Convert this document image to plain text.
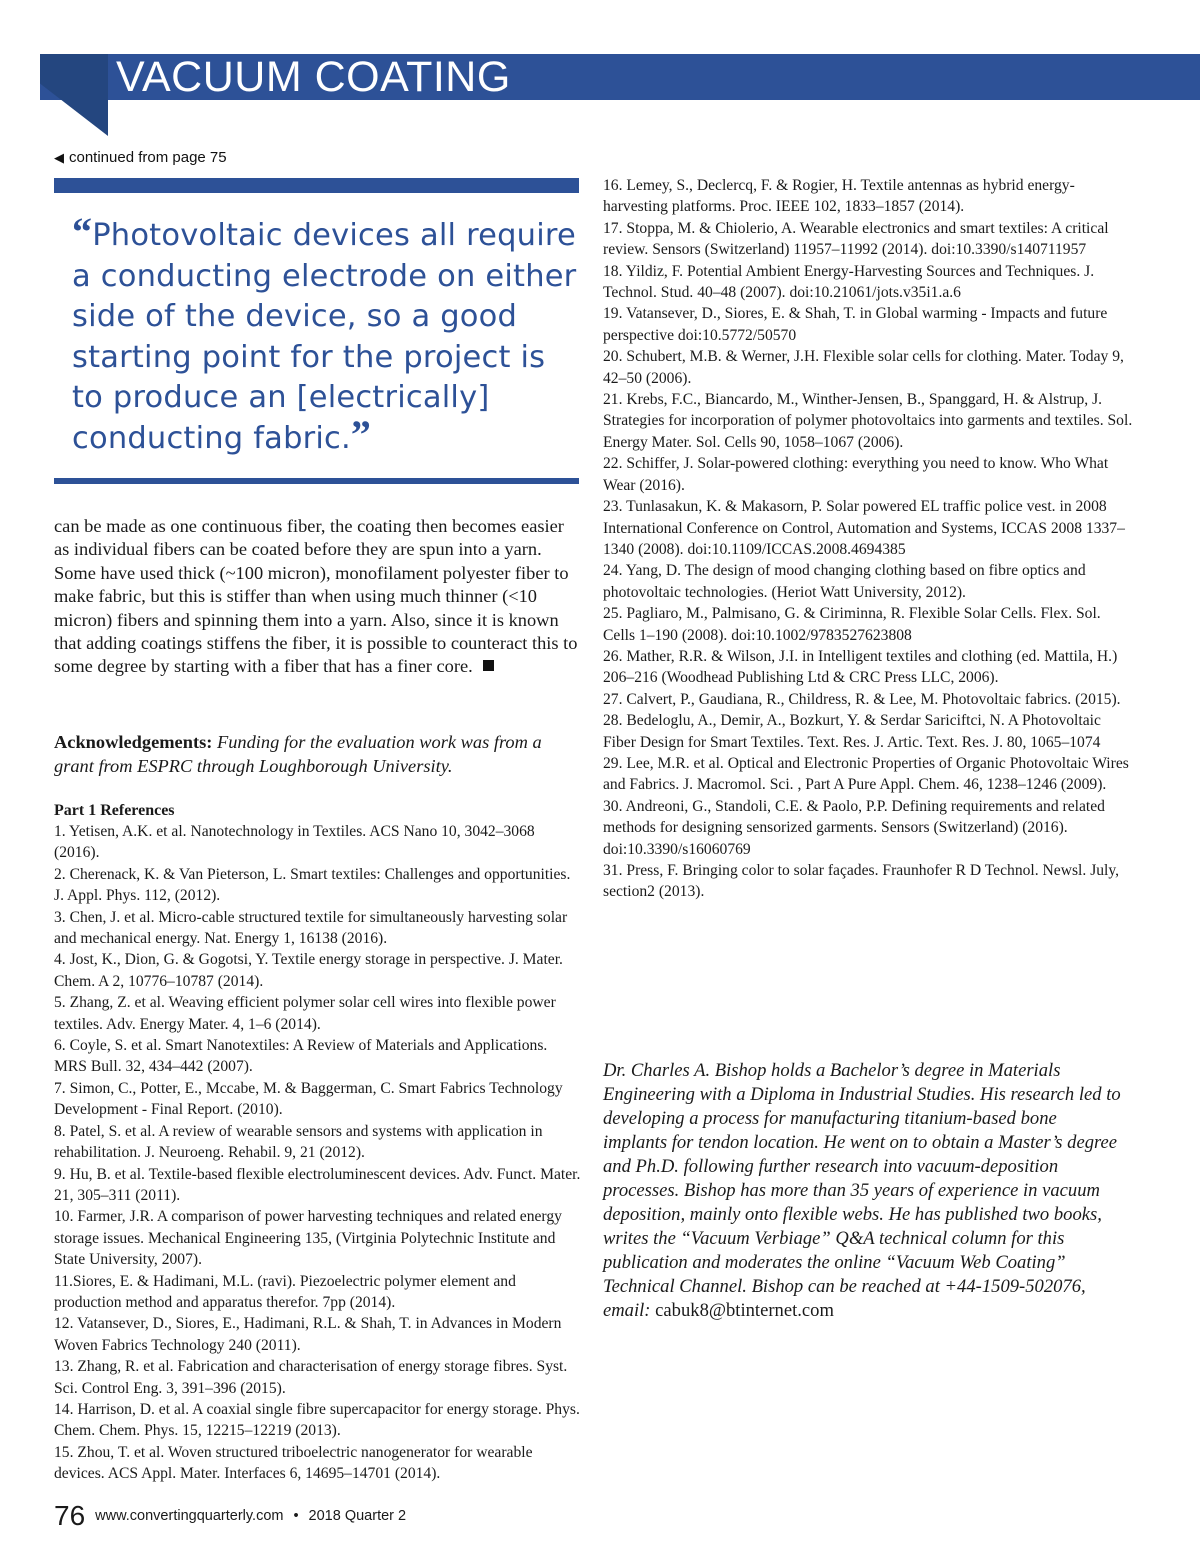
VACUUM COATING
◀ continued from page 75
“Photovoltaic devices all require a conducting electrode on either side of the device, so a good starting point for the project is to produce an [electrically] conducting fabric.”

can be made as one continuous fiber, the coating then becomes easier as individual fibers can be coated before they are spun into a yarn. Some have used thick (~100 micron), monofilament polyester fiber to make fabric, but this is stiffer than when using much thinner (<10 micron) fibers and spinning them into a yarn. Also, since it is known that adding coatings stiffens the fiber, it is possible to counteract this to some degree by starting with a fiber that has a finer core.

Acknowledgements: Funding for the evaluation work was from a grant from ESPRC through Loughborough University.

Part 1 References
1. Yetisen, A.K. et al. Nanotechnology in Textiles. ACS Nano 10, 3042–3068 (2016).
2. Cherenack, K. & Van Pieterson, L. Smart textiles: Challenges and opportunities. J. Appl. Phys. 112, (2012).
3. Chen, J. et al. Micro-cable structured textile for simultaneously harvesting solar and mechanical energy. Nat. Energy 1, 16138 (2016).
4. Jost, K., Dion, G. & Gogotsi, Y. Textile energy storage in perspective. J. Mater. Chem. A 2, 10776–10787 (2014).
5. Zhang, Z. et al. Weaving efficient polymer solar cell wires into flexible power textiles. Adv. Energy Mater. 4, 1–6 (2014).
6. Coyle, S. et al. Smart Nanotextiles: A Review of Materials and Applications. MRS Bull. 32, 434–442 (2007).
7. Simon, C., Potter, E., Mccabe, M. & Baggerman, C. Smart Fabrics Technology Development - Final Report. (2010).
8. Patel, S. et al. A review of wearable sensors and systems with application in rehabilitation. J. Neuroeng. Rehabil. 9, 21 (2012).
9. Hu, B. et al. Textile-based flexible electroluminescent devices. Adv. Funct. Mater. 21, 305–311 (2011).
10. Farmer, J.R. A comparison of power harvesting techniques and related energy storage issues. Mechanical Engineering 135, (Virtginia Polytechnic Institute and State University, 2007).
11.Siores, E. & Hadimani, M.L. (ravi). Piezoelectric polymer element and production method and apparatus therefor. 7pp (2014).
12. Vatansever, D., Siores, E., Hadimani, R.L. & Shah, T. in Advances in Modern Woven Fabrics Technology 240 (2011).
13. Zhang, R. et al. Fabrication and characterisation of energy storage fibres. Syst. Sci. Control Eng. 3, 391–396 (2015).
14. Harrison, D. et al. A coaxial single fibre supercapacitor for energy storage. Phys. Chem. Chem. Phys. 15, 12215–12219 (2013).
15. Zhou, T. et al. Woven structured triboelectric nanogenerator for wearable devices. ACS Appl. Mater. Interfaces 6, 14695–14701 (2014).
16. Lemey, S., Declercq, F. & Rogier, H. Textile antennas as hybrid energy-harvesting platforms. Proc. IEEE 102, 1833–1857 (2014).
17. Stoppa, M. & Chiolerio, A. Wearable electronics and smart textiles: A critical review. Sensors (Switzerland) 11957–11992 (2014). doi:10.3390/s140711957
18. Yildiz, F. Potential Ambient Energy-Harvesting Sources and Techniques. J. Technol. Stud. 40–48 (2007). doi:10.21061/jots.v35i1.a.6
19. Vatansever, D., Siores, E. & Shah, T. in Global warming - Impacts and future perspective doi:10.5772/50570
20. Schubert, M.B. & Werner, J.H. Flexible solar cells for clothing. Mater. Today 9, 42–50 (2006).
21. Krebs, F.C., Biancardo, M., Winther-Jensen, B., Spanggard, H. & Alstrup, J. Strategies for incorporation of polymer photovoltaics into garments and textiles. Sol. Energy Mater. Sol. Cells 90, 1058–1067 (2006).
22. Schiffer, J. Solar-powered clothing: everything you need to know. Who What Wear (2016).
23. Tunlasakun, K. & Makasorn, P. Solar powered EL traffic police vest. in 2008 International Conference on Control, Automation and Systems, ICCAS 2008 1337–1340 (2008). doi:10.1109/ICCAS.2008.4694385
24. Yang, D. The design of mood changing clothing based on fibre optics and photovoltaic technologies. (Heriot Watt University, 2012).
25. Pagliaro, M., Palmisano, G. & Ciriminna, R. Flexible Solar Cells. Flex. Sol. Cells 1–190 (2008). doi:10.1002/9783527623808
26. Mather, R.R. & Wilson, J.I. in Intelligent textiles and clothing (ed. Mattila, H.) 206–216 (Woodhead Publishing Ltd & CRC Press LLC, 2006).
27. Calvert, P., Gaudiana, R., Childress, R. & Lee, M. Photovoltaic fabrics. (2015).
28. Bedeloglu, A., Demir, A., Bozkurt, Y. & Serdar Sariciftci, N. A Photovoltaic Fiber Design for Smart Textiles. Text. Res. J. Artic. Text. Res. J. 80, 1065–1074
29. Lee, M.R. et al. Optical and Electronic Properties of Organic Photovoltaic Wires and Fabrics. J. Macromol. Sci. , Part A Pure Appl. Chem. 46, 1238–1246 (2009).
30. Andreoni, G., Standoli, C.E. & Paolo, P.P. Defining requirements and related methods for designing sensorized garments. Sensors (Switzerland) (2016). doi:10.3390/s16060769
31. Press, F. Bringing color to solar façades. Fraunhofer R D Technol. Newsl. July, section2 (2013).

Dr. Charles A. Bishop holds a Bachelor’s degree in Materials Engineering with a Diploma in Industrial Studies. His research led to developing a process for manufacturing titanium-based bone implants for tendon location. He went on to obtain a Master’s degree and Ph.D. following further research into vacuum-deposition processes. Bishop has more than 35 years of experience in vacuum deposition, mainly onto flexible webs. He has published two books, writes the “Vacuum Verbiage” Q&A technical column for this publication and moderates the online “Vacuum Web Coating” Technical Channel. Bishop can be reached at +44-1509-502076, email: cabuk8@btinternet.com

76 www.convertingquarterly.com • 2018 Quarter 2
